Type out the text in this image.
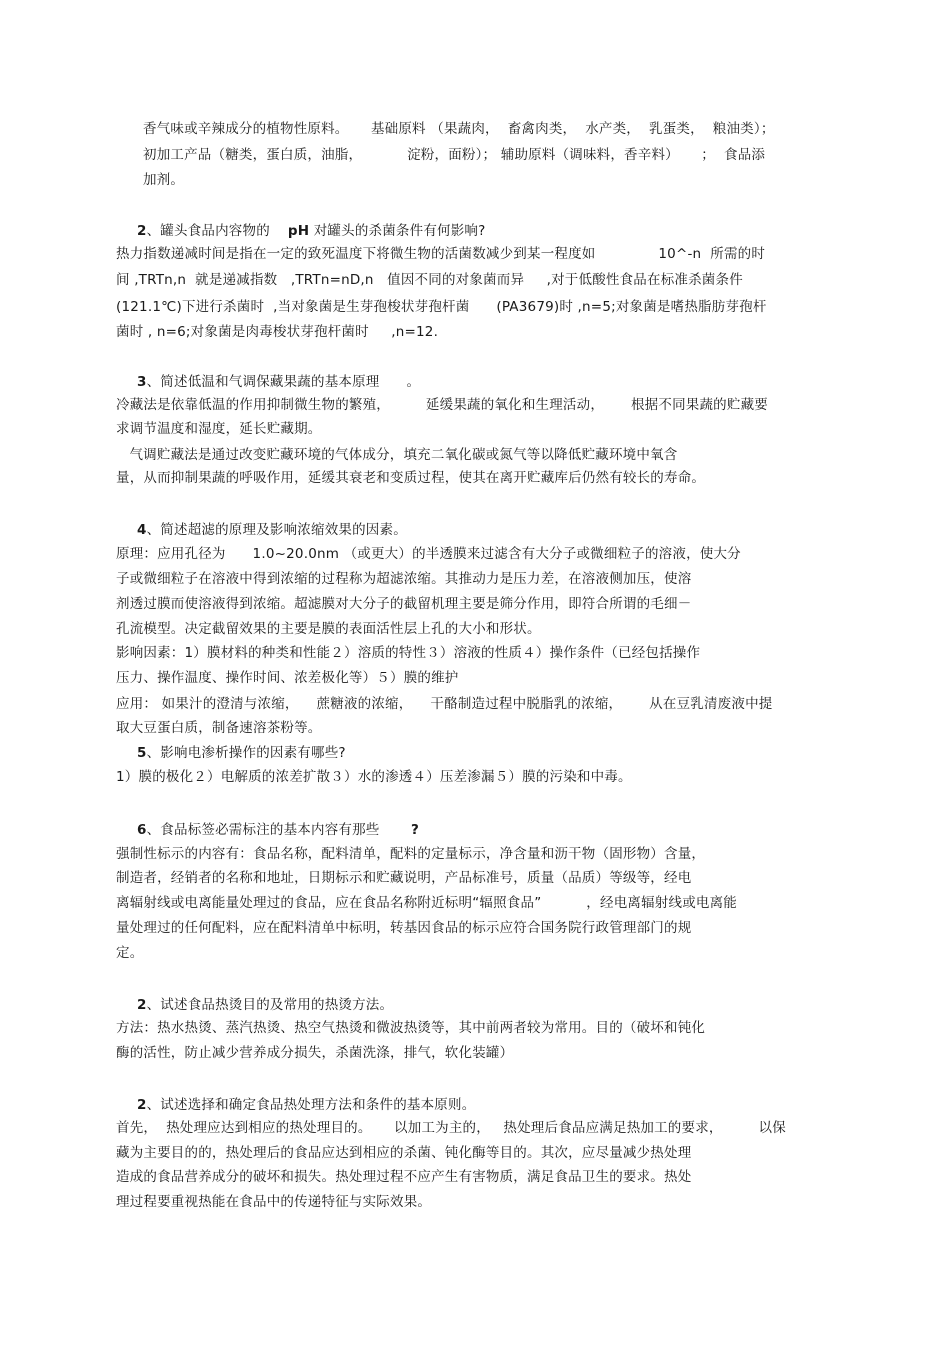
香气味或辛辣成分的植物性原料。     基础原料 （果蔬肉，  畜禽肉类，  水产类，  乳蛋类，  粮油类）；
初加工产品（糖类，蛋白质，油脂，          淀粉，面粉）； 辅助原料（调味料，香辛料）     ；  食品添
加剂。
2、罐头食品内容物的    pH 对罐头的杀菌条件有何影响?
热力指数递减时间是指在一定的致死温度下将微生物的活菌数减少到某一程度如              10^-n  所需的时
间 ,TRTn,n  就是递减指数   ,TRTn=nD,n   值因不同的对象菌而异     ,对于低酸性食品在标准杀菌条件
(121.1℃)下进行杀菌时  ,当对象菌是生芽孢梭状芽孢杆菌      (PA3679)时 ,n=5;对象菌是嗜热脂肪芽孢杆
菌时 , n=6;对象菌是肉毒梭状芽孢杆菌时     ,n=12.
3、简述低温和气调保藏果蔬的基本原理      。
冷藏法是依靠低温的作用抑制微生物的繁殖，        延缓果蔬的氧化和生理活动，      根据不同果蔬的贮藏要
求调节温度和湿度，延长贮藏期。
气调贮藏法是通过改变贮藏环境的气体成分，填充二氧化碳或氮气等以降低贮藏环境中氧含
量，从而抑制果蔬的呼吸作用，延缓其衰老和变质过程，使其在离开贮藏库后仍然有较长的寿命。
4、简述超滤的原理及影响浓缩效果的因素。
原理：应用孔径为      1.0~20.0nm （或更大）的半透膜来过滤含有大分子或微细粒子的溶液，使大分
子或微细粒子在溶液中得到浓缩的过程称为超滤浓缩。其推动力是压力差，在溶液侧加压，使溶
剂透过膜而使溶液得到浓缩。超滤膜对大分子的截留机理主要是筛分作用，即符合所谓的毛细－
孔流模型。决定截留效果的主要是膜的表面活性层上孔的大小和形状。
影响因素：1）膜材料的种类和性能２）溶质的特性３）溶液的性质４）操作条件（已经包括操作
压力、操作温度、操作时间、浓差极化等）５）膜的维护
应用： 如果汁的澄清与浓缩，    蔗糖液的浓缩，    干酪制造过程中脱脂乳的浓缩，      从在豆乳清废液中提
取大豆蛋白质，制备速溶茶粉等。
5、影响电渗析操作的因素有哪些?
1）膜的极化２）电解质的浓差扩散３）水的渗透４）压差渗漏５）膜的污染和中毒。
6、食品标签必需标注的基本内容有那些       ?
强制性标示的内容有：食品名称，配料清单，配料的定量标示，净含量和沥干物（固形物）含量，
制造者，经销者的名称和地址，日期标示和贮藏说明，产品标准号，质量（品质）等级等，经电
离辐射线或电离能量处理过的食品，应在食品名称附近标明“辐照食品”          ，经电离辐射线或电离能
量处理过的任何配料，应在配料清单中标明，转基因食品的标示应符合国务院行政管理部门的规
定。
2、试述食品热烫目的及常用的热烫方法。
方法：热水热烫、蒸汽热烫、热空气热烫和微波热烫等，其中前两者较为常用。目的（破坏和钝化
酶的活性，防止减少营养成分损失，杀菌洗涤，排气，软化装罐）
2、试述选择和确定食品热处理方法和条件的基本原则。
首先，  热处理应达到相应的热处理目的。     以加工为主的，   热处理后食品应满足热加工的要求，        以保
藏为主要目的的，热处理后的食品应达到相应的杀菌、钝化酶等目的。其次，应尽量减少热处理
造成的食品营养成分的破坏和损失。热处理过程不应产生有害物质，满足食品卫生的要求。热处
理过程要重视热能在食品中的传递特征与实际效果。
